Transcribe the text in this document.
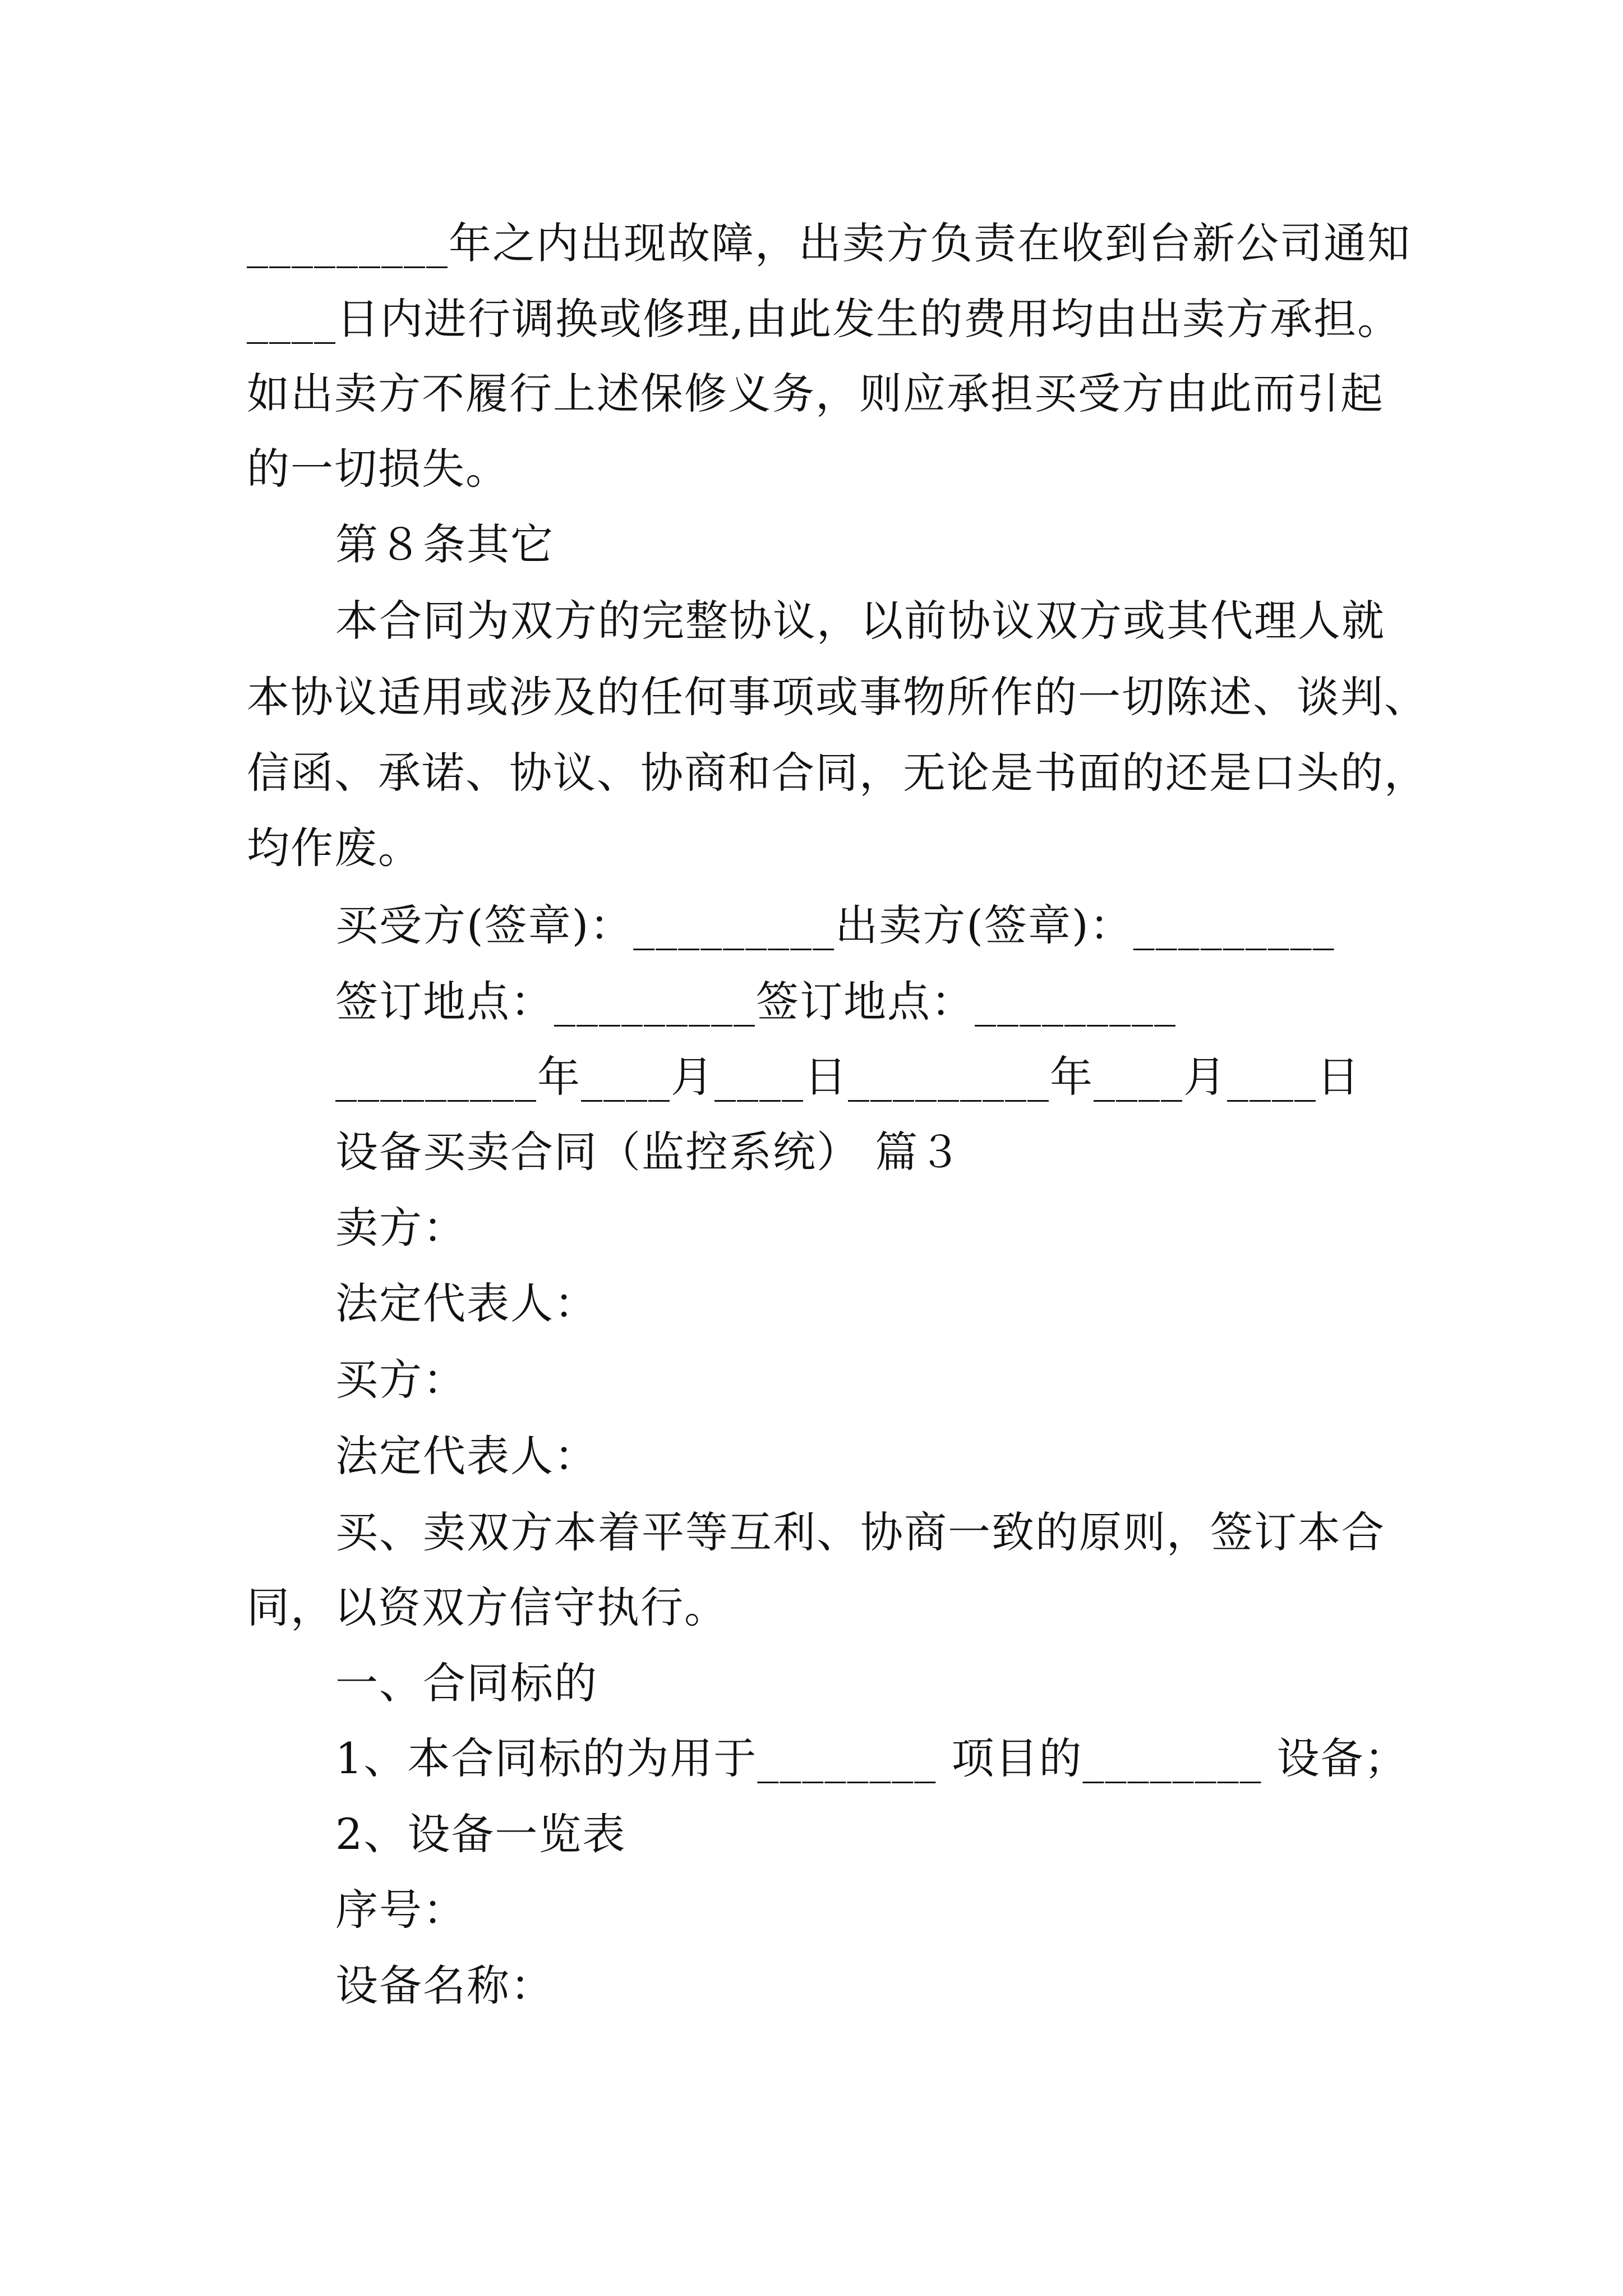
_________年之内出现故障，出卖方负责在收到台新公司通知
____日内进行调换或修理,由此发生的费用均由出卖方承担。
如出卖方不履行上述保修义务，则应承担买受方由此而引起
的一切损失。
第８条其它
本合同为双方的完整协议，以前协议双方或其代理人就
本协议适用或涉及的任何事项或事物所作的一切陈述、谈判、
信函、承诺、协议、协商和合同，无论是书面的还是口头的，
均作废。
买受方(签章)：_________出卖方(签章)：_________
签订地点：_________签订地点：_________
_________年____月____日_________年____月____日
设备买卖合同（监控系统） 篇３
卖方：
法定代表人：
买方：
法定代表人：
买、卖双方本着平等互利、协商一致的原则，签订本合
同，以资双方信守执行。
一、合同标的
1、本合同标的为用于________ 项目的________ 设备；
2、设备一览表
序号：
设备名称：
